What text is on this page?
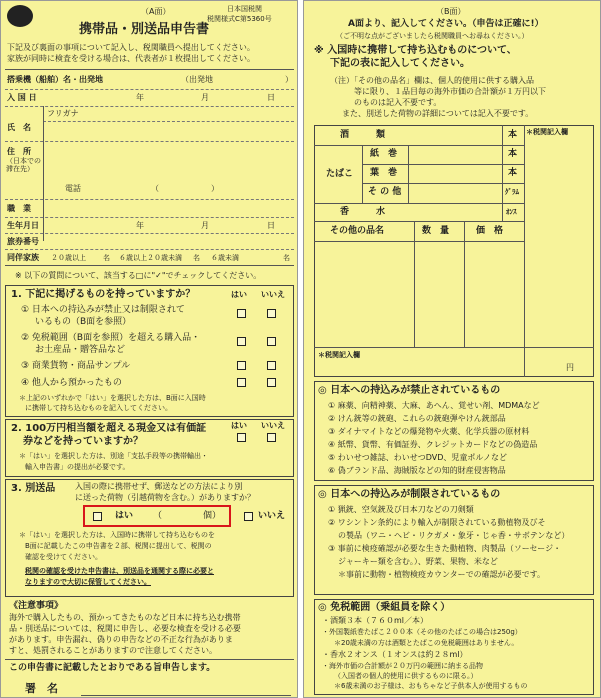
（A面）	日本国税関
税関様式C第5360号
携帯品・別送品申告書
下記及び裏面の事項について記入し、税関職員へ提出してください。
家族が同時に検査を受ける場合は、代表者が１枚提出してください。
搭乗機（船舶）名・出発地	（出発地	）
入 国 日	年	月	日
フリガナ
氏　名
住　所
（日本での滞在先）
電話	（	）
職　業
生年月日	年	月	日
旅券番号
同伴家族 ２０歳以上 名 ６歳以上２０歳未満 名 ６歳未満	名
※ 以下の質問について、該当する□に"✓"でチェックしてください。
1. 下記に掲げるものを持っていますか？	はい いいえ
① 日本への持込みが禁止又は制限されて
いるもの（B面を参照）
② 免税範囲（B面を参照）を超える購入品・
お土産品・贈答品など
③ 商業貨物・商品サンプル
④ 他人から預かったもの
＊上記のいずれかで「はい」を選択した方は、B面に入国時
に携帯して持ち込むものを記入してください。
2. 100万円相当額を超える現金又は有価証
券などを持っていますか？
はい いいえ
＊「はい」を選択した方は、別途「支払手段等の携帯輸出・
輸入申告書」の提出が必要です。
3. 別送品 入国の際に携帯せず、郵送などの方法により別
に送った荷物（引越荷物を含む。）がありますか？
はい （	個）	いいえ
＊「はい」を選択した方は、入国時に携帯して持ち込むものを
B面に記載したこの申告書を２部、税関に提出して、税関の
確認を受けてください。
税関の確認を受けた申告書は、別送品を通関する際に必要と
なりますので大切に保管してください。
《注意事項》
海外で購入したもの、預かってきたものなど日本に持ち込む携帯
品・別送品については、税関に申告し、必要な検査を受ける必要
があります。申告漏れ、偽りの申告などの不正な行為がありま
すと、処罰されることがありますので注意してください。
この申告書に記載したとおりである旨申告します。
署　名
（B面）
A面より、記入してください。（申告は正確に!）
（ご不明な点がございましたら税関職員へお尋ねください。）
※ 入国時に携帯して持ち込むものについて、
下記の表に記入してください。
（注）「その他の品名」欄は、個人的使用に供する購入品
等に限り、１品目毎の海外市価の合計額が１万円以下
のものは記入不要です。
また、別送した荷物の詳細については記入不要です。
酒　　　類	本 ＊税関記入欄
たばこ
紙　巻	本
葉　巻	本
そ の 他	ｸﾞﾗﾑ
香　　　水	ｵﾝｽ
その他の品名	数　量	価　格
＊税関記入欄
円
◎ 日本への持込みが禁止されているもの
① 麻薬、向精神薬、大麻、あへん、覚せい剤、MDMAなど
② けん銃等の銃砲、これらの銃砲弾やけん銃部品
③ ダイナマイトなどの爆発物や火薬、化学兵器の原材料
④ 紙幣、貨幣、有価証券、クレジットカードなどの偽造品
⑤ わいせつ雑誌、わいせつDVD、児童ポルノなど
⑥ 偽ブランド品、海賊版などの知的財産侵害物品
◎ 日本への持込みが制限されているもの
① 猟銃、空気銃及び日本刀などの刀剣類
② ワシントン条約により輸入が制限されている動植物及びそ
の製品（ワニ・ヘビ・リクガメ・象牙・じゃ香・サボテンなど）
③ 事前に検疫確認が必要な生きた動植物、肉製品（ソーセージ・
ジャーキー類を含む。）、野菜、果物、米など
＊事前に動物・植物検疫カウンターでの確認が必要です。
◎ 免税範囲（乗組員を除く）
・酒類３本（７６０ml／本）
・外国製紙巻たばこ２００本（その他のたばこの場合は250g）
＊20歳未満の方は酒類とたばこの免税範囲はありません。
・香水２オンス（１オンスは約２８ml）
・海外市価の合計額が２０万円の範囲に納まる品物
（入国者の個人的使用に供するものに限る。）
＊6歳未満のお子様は、おもちゃなど子供本人が使用するもの
